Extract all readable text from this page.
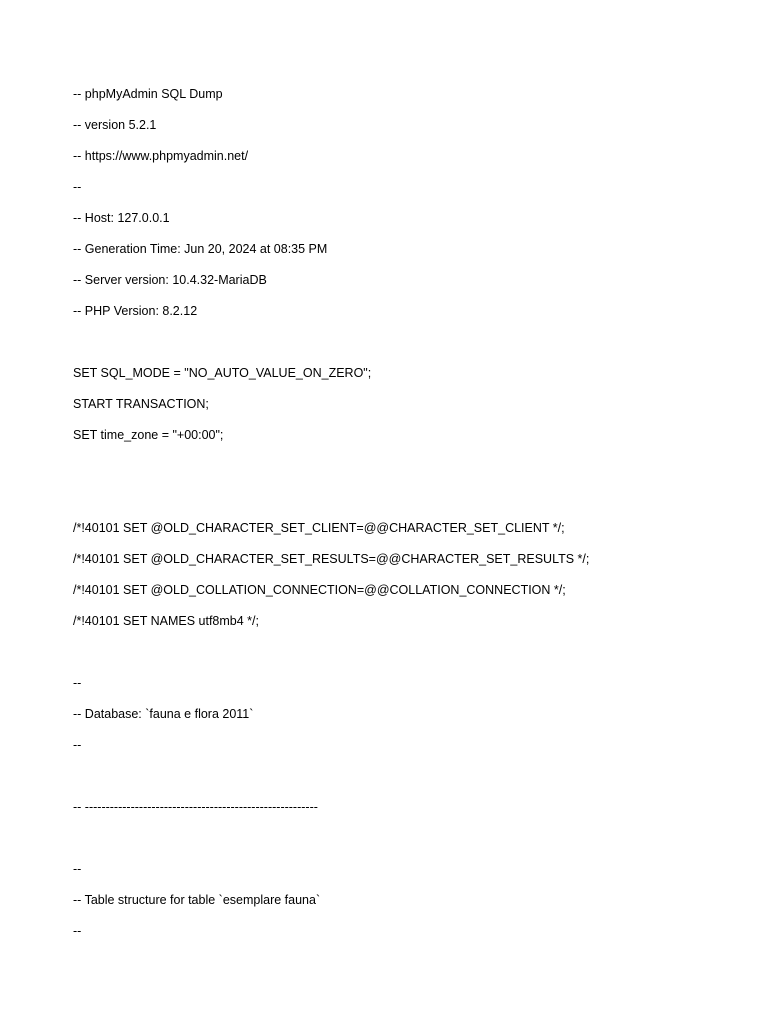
-- phpMyAdmin SQL Dump
-- version 5.2.1
-- https://www.phpmyadmin.net/
--
-- Host: 127.0.0.1
-- Generation Time: Jun 20, 2024 at 08:35 PM
-- Server version: 10.4.32-MariaDB
-- PHP Version: 8.2.12
SET SQL_MODE = "NO_AUTO_VALUE_ON_ZERO";
START TRANSACTION;
SET time_zone = "+00:00";
/*!40101 SET @OLD_CHARACTER_SET_CLIENT=@@CHARACTER_SET_CLIENT */;
/*!40101 SET @OLD_CHARACTER_SET_RESULTS=@@CHARACTER_SET_RESULTS */;
/*!40101 SET @OLD_COLLATION_CONNECTION=@@COLLATION_CONNECTION */;
/*!40101 SET NAMES utf8mb4 */;
--
-- Database: `fauna e flora 2011`
--
-- --------------------------------------------------------
--
-- Table structure for table `esemplare fauna`
--
